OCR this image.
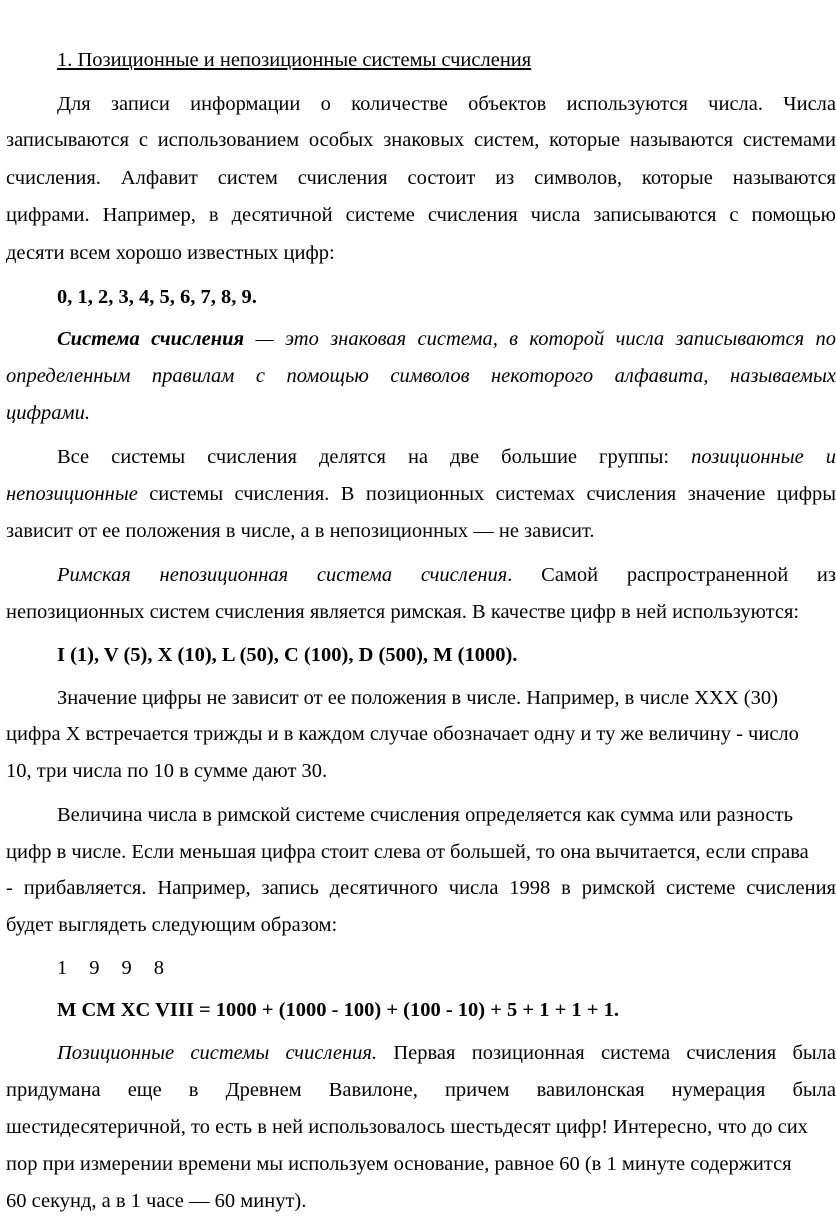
1. Позиционные и непозиционные системы счисления
Для записи информации о количестве объектов используются числа. Числа
записываются с использованием особых знаковых систем, которые называются системами
счисления. Алфавит систем счисления состоит из символов, которые называются
цифрами. Например, в десятичной системе счисления числа записываются с помощью
десяти всем хорошо известных цифр:
0, 1, 2, 3, 4, 5, 6, 7, 8, 9.
Система счисления — это знаковая система, в которой числа записываются по
определенным правилам с помощью символов некоторого алфавита, называемых
цифрами.
Все системы счисления делятся на две большие группы: позиционные и
непозиционные системы счисления. В позиционных системах счисления значение цифры
зависит от ее положения в числе, а в непозиционных — не зависит.
Римская непозиционная система счисления. Самой распространенной из
непозиционных систем счисления является римская. В качестве цифр в ней используются:
I (1), V (5), X (10), L (50), C (100), D (500), M (1000).
Значение цифры не зависит от ее положения в числе. Например, в числе XXX (30)
цифра X встречается трижды и в каждом случае обозначает одну и ту же величину - число
10, три числа по 10 в сумме дают 30.
Величина числа в римской системе счисления определяется как сумма или разность
цифр в числе. Если меньшая цифра стоит слева от большей, то она вычитается, если справа
- прибавляется. Например, запись десятичного числа 1998 в римской системе счисления
будет выглядеть следующим образом:
1 9 9 8
M CM XC VIII = 1000 + (1000 - 100) + (100 - 10) + 5 + 1 + 1 + 1.
Позиционные системы счисления. Первая позиционная система счисления была
придумана еще в Древнем Вавилоне, причем вавилонская нумерация была
шестидесятеричной, то есть в ней использовалось шестьдесят цифр! Интересно, что до сих
пор при измерении времени мы используем основание, равное 60 (в 1 минуте содержится
60 секунд, а в 1 часе — 60 минут).
